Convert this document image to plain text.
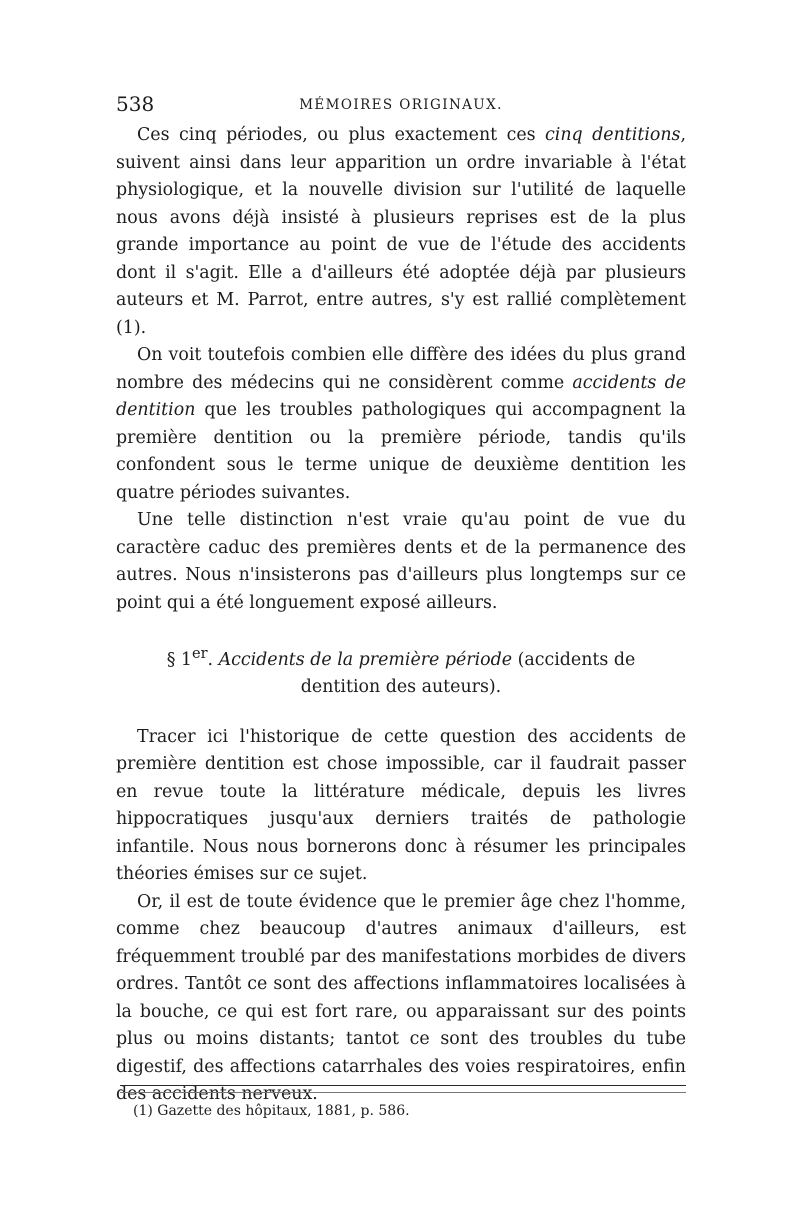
538	MÉMOIRES ORIGINAUX.

Ces cinq périodes, ou plus exactement ces cinq dentitions, suivent ainsi dans leur apparition un ordre invariable à l'état physiologique, et la nouvelle division sur l'utilité de laquelle nous avons déjà insisté à plusieurs reprises est de la plus grande importance au point de vue de l'étude des accidents dont il s'agit. Elle a d'ailleurs été adoptée déjà par plusieurs auteurs et M. Parrot, entre autres, s'y est rallié complètement (1).

On voit toutefois combien elle diffère des idées du plus grand nombre des médecins qui ne considèrent comme accidents de dentition que les troubles pathologiques qui accompagnent la première dentition ou la première période, tandis qu'ils confondent sous le terme unique de deuxième dentition les quatre périodes suivantes.

Une telle distinction n'est vraie qu'au point de vue du caractère caduc des premières dents et de la permanence des autres. Nous n'insisterons pas d'ailleurs plus longtemps sur ce point qui a été longuement exposé ailleurs.

§ 1er. Accidents de la première période (accidents de dentition des auteurs).

Tracer ici l'historique de cette question des accidents de première dentition est chose impossible, car il faudrait passer en revue toute la littérature médicale, depuis les livres hippocratiques jusqu'aux derniers traités de pathologie infantile. Nous nous bornerons donc à résumer les principales théories émises sur ce sujet.

Or, il est de toute évidence que le premier âge chez l'homme, comme chez beaucoup d'autres animaux d'ailleurs, est fréquemment troublé par des manifestations morbides de divers ordres. Tantôt ce sont des affections inflammatoires localisées à la bouche, ce qui est fort rare, ou apparaissant sur des points plus ou moins distants; tantot ce sont des troubles du tube digestif, des affections catarrhales des voies respiratoires, enfin des accidents nerveux.

(1) Gazette des hôpitaux, 1881, p. 586.
